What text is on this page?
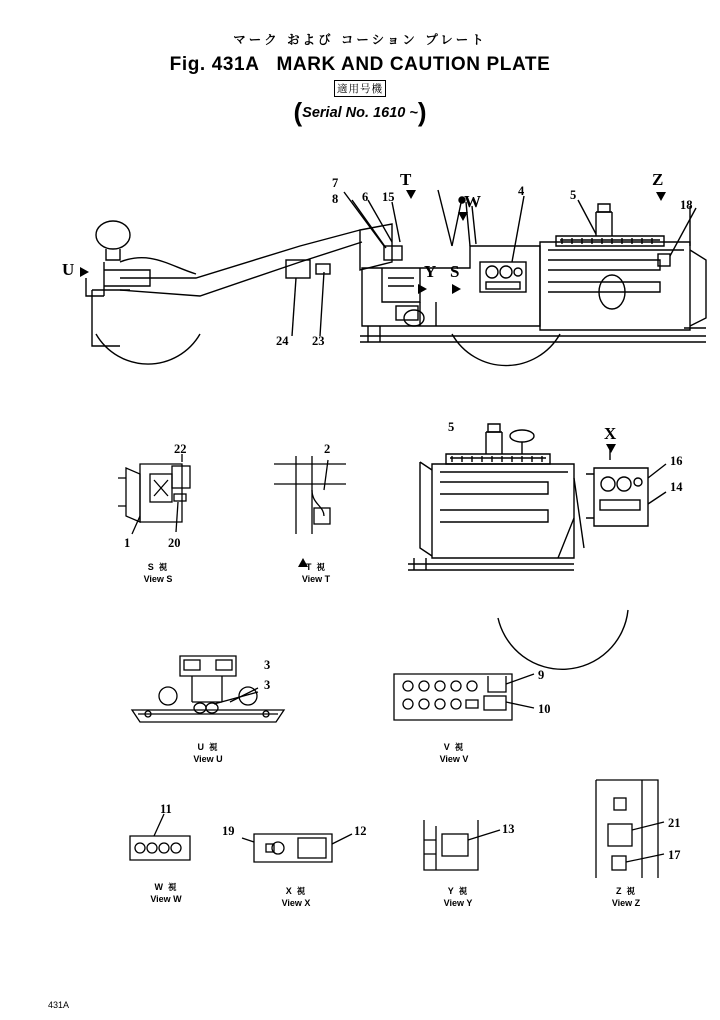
マーク および コーション プレート
Fig. 431A MARK AND CAUTION PLATE
適用号機
(Serial No. 1610 ~)
7
8 6 15	4	5
18
24 23
U
T
W
Y S
Z
22
1	20
S 視
View S
2
T 視
View T
5
16
14
X
3
3
U 視
View U
9
10
V 視
View V
11
W 視
View W
19	12
X 視
View X
13
Y 視
View Y
21
17
Z 視
View Z
431A
